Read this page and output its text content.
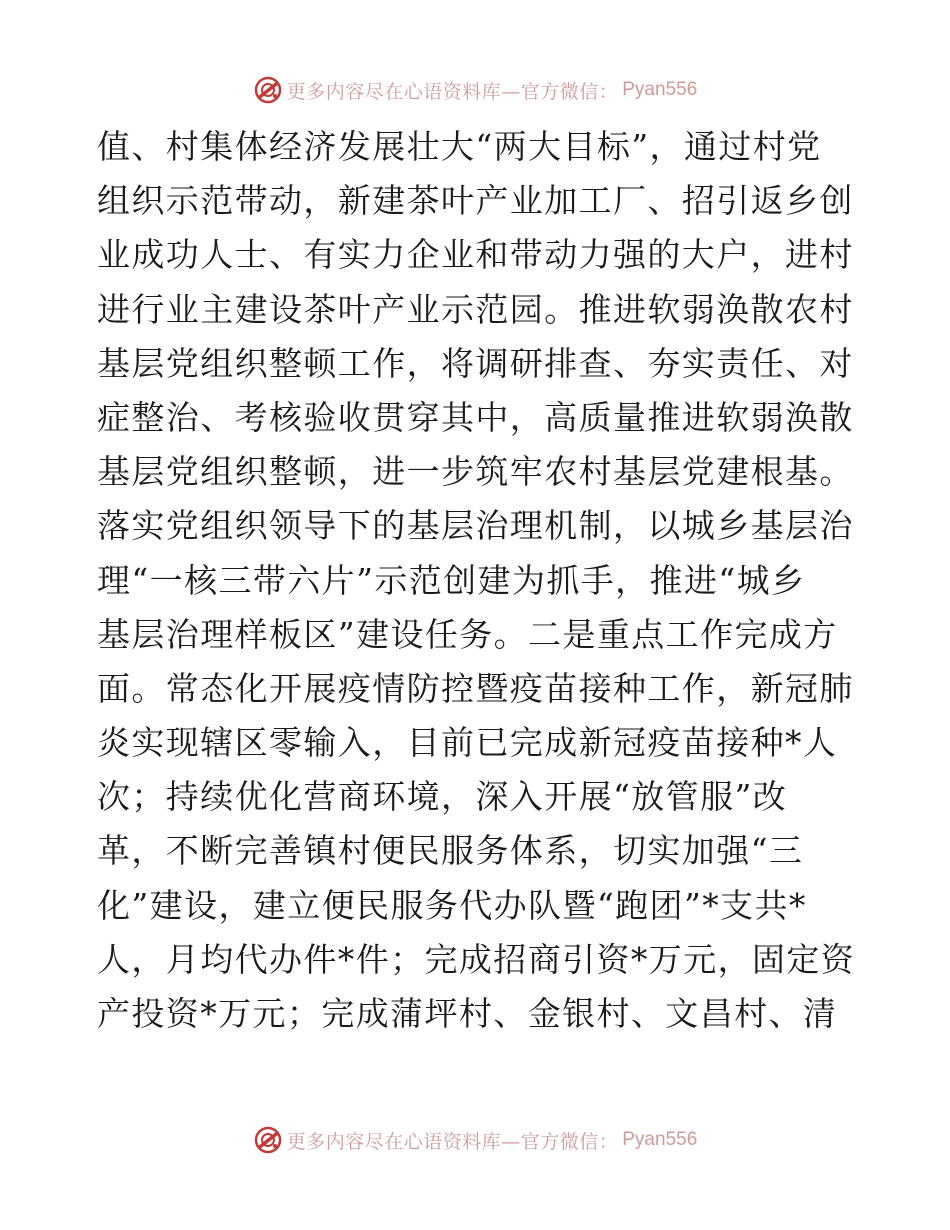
更多内容尽在心语资料库—官方微信： Pyan556
值、村集体经济发展壮大“两大目标”，通过村党
组织示范带动，新建茶叶产业加工厂、招引返乡创
业成功人士、有实力企业和带动力强的大户，进村
进行业主建设茶叶产业示范园。推进软弱涣散农村
基层党组织整顿工作，将调研排查、夯实责任、对
症整治、考核验收贯穿其中，高质量推进软弱涣散
基层党组织整顿，进一步筑牢农村基层党建根基。
落实党组织领导下的基层治理机制，以城乡基层治
理“一核三带六片”示范创建为抓手，推进“城乡
基层治理样板区”建设任务。二是重点工作完成方
面。常态化开展疫情防控暨疫苗接种工作，新冠肺
炎实现辖区零输入，目前已完成新冠疫苗接种*人
次；持续优化营商环境，深入开展“放管服”改
革，不断完善镇村便民服务体系，切实加强“三
化”建设，建立便民服务代办队暨“跑团”*支共*
人，月均代办件*件；完成招商引资*万元，固定资
产投资*万元；完成蒲坪村、金银村、文昌村、清
更多内容尽在心语资料库—官方微信： Pyan556
